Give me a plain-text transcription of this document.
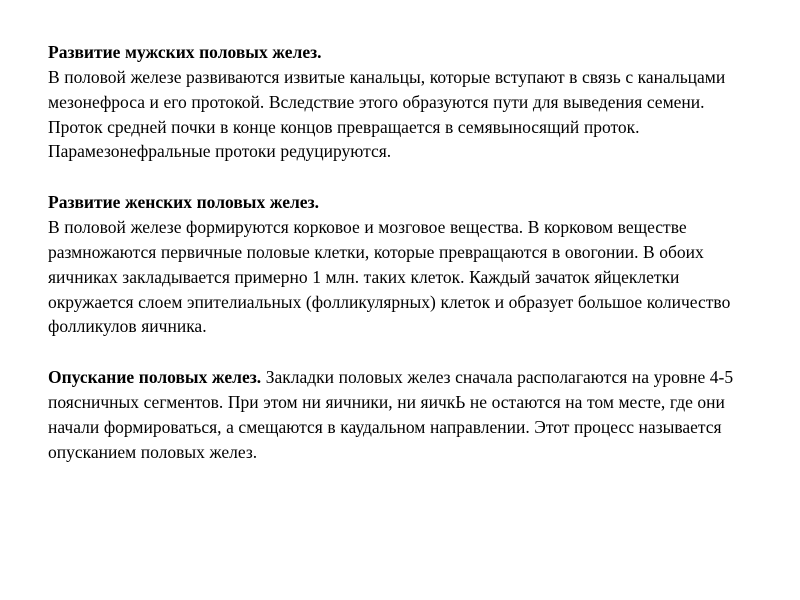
Развитие мужских половых желез.
В половой железе развиваются извитые канальцы, которые вступают в связь с канальцами мезонефроса и его протокой. Вследствие этого образуются пути для выведения семени. Проток средней почки в конце концов превращается в семявыносящий проток. Парамезонефральные протоки редуцируются.

Развитие женских половых желез.
В половой железе формируются корковое и мозговое вещества. В корковом веществе размножаются первичные половые клетки, которые превращаются в овогонии. В обоих яичниках закладывается примерно 1 млн. таких клеток. Каждый зачаток яйцеклетки окружается слоем эпителиальных (фолликулярных) клеток и образует большое количество фолликулов яичника.

Опускание половых желез. Закладки половых желез сначала располагаются на уровне 4-5 поясничных сегментов. При этом ни яичники, ни яичкЬ не остаются на том месте, где они начали формироваться, а смещаются в каудальном направлении. Этот процесс называется опусканием половых желез.
